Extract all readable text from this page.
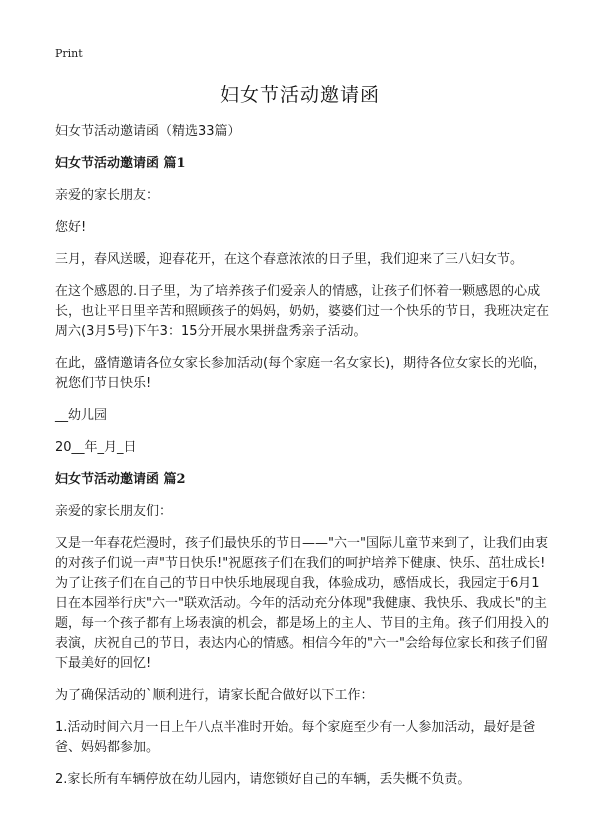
Print
妇女节活动邀请函

妇女节活动邀请函（精选33篇）

妇女节活动邀请函 篇1

亲爱的家长朋友：

您好!

三月，春风送暖，迎春花开，在这个春意浓浓的日子里，我们迎来了三八妇女节。

在这个感恩的.日子里，为了培养孩子们爱亲人的情感，让孩子们怀着一颗感恩的心成长，也让平日里辛苦和照顾孩子的妈妈，奶奶，婆婆们过一个快乐的节日，我班决定在周六(3月5号)下午3：15分开展水果拼盘秀亲子活动。

在此，盛情邀请各位女家长参加活动(每个家庭一名女家长)，期待各位女家长的光临，祝您们节日快乐!

__幼儿园

20__年_月_日

妇女节活动邀请函 篇2

亲爱的家长朋友们：

又是一年春花烂漫时，孩子们最快乐的节日——"六一"国际儿童节来到了，让我们由衷的对孩子们说一声"节日快乐!"祝愿孩子们在我们的呵护培养下健康、快乐、茁壮成长!为了让孩子们在自己的节日中快乐地展现自我，体验成功，感悟成长，我园定于6月1日在本园举行庆"六一"联欢活动。今年的活动充分体现"我健康、我快乐、我成长"的主题，每一个孩子都有上场表演的机会，都是场上的主人、节目的主角。孩子们用投入的表演，庆祝自己的节日，表达内心的情感。相信今年的"六一"会给每位家长和孩子们留下最美好的回忆!

为了确保活动的`顺利进行，请家长配合做好以下工作：

1.活动时间六月一日上午八点半准时开始。每个家庭至少有一人参加活动，最好是爸爸、妈妈都参加。

2.家长所有车辆停放在幼儿园内，请您锁好自己的车辆，丢失概不负责。
